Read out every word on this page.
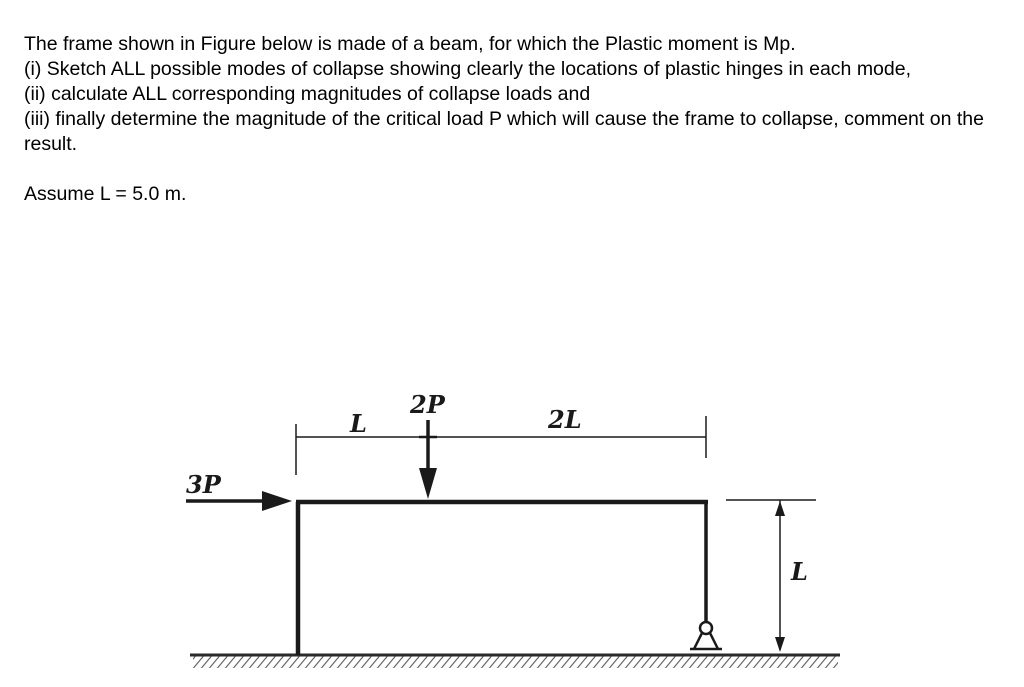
The frame shown in Figure below is made of a beam, for which the Plastic moment is Mp.

(i) Sketch ALL possible modes of collapse showing clearly the locations of plastic hinges in each mode,

(ii) calculate ALL corresponding magnitudes of collapse loads and

(iii) finally determine the magnitude of the critical load P which will cause the frame to collapse, comment on the result.

Assume L = 5.0 m.

3P
2P
L	2L
L
